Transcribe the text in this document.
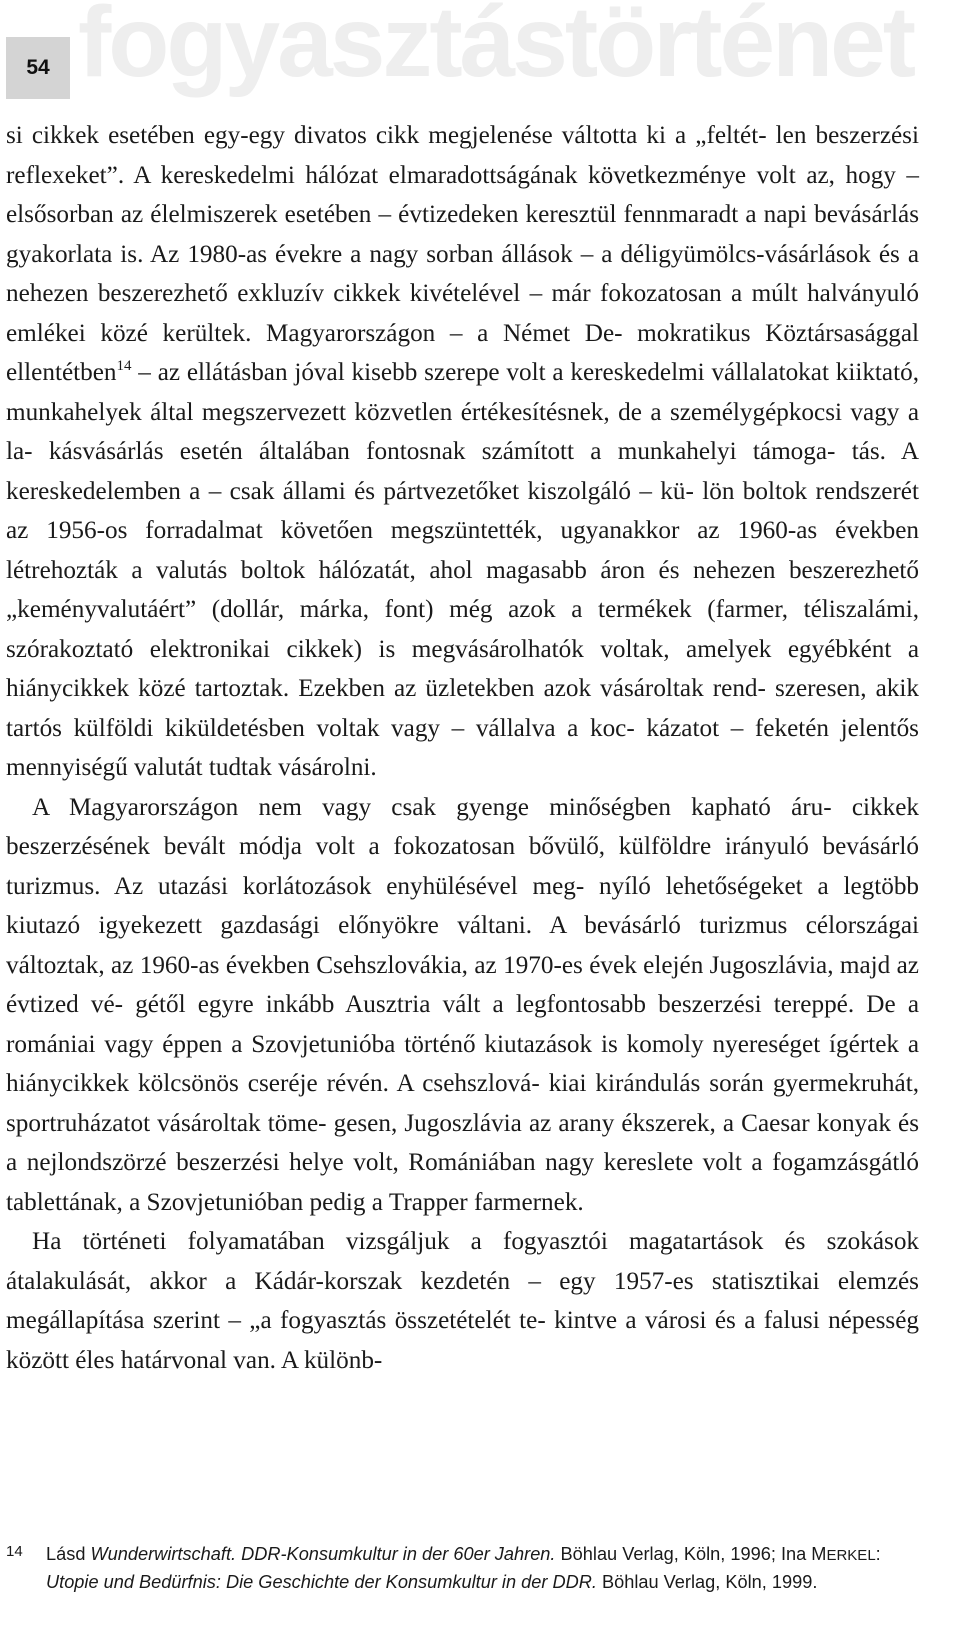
fogyasztástörténet
54

si cikkek esetében egy-egy divatos cikk megjelenése váltotta ki a „feltét- len beszerzési reflexeket”. A kereskedelmi hálózat elmaradottságának következménye volt az, hogy – elsősorban az élelmiszerek esetében – évtizedeken keresztül fennmaradt a napi bevásárlás gyakorlata is. Az 1980-as évekre a nagy sorban állások – a déligyümölcs-vásárlások és a nehezen beszerezhető exkluzív cikkek kivételével – már fokozatosan a múlt halványuló emlékei közé kerültek. Magyarországon – a Német De- mokratikus Köztársasággal ellentétben$^{14}$ – az ellátásban jóval kisebb szerepe volt a kereskedelmi vállalatokat kiiktató, munkahelyek által megszervezett közvetlen értékesítésnek, de a személygépkocsi vagy a la- kásvásárlás esetén általában fontosnak számított a munkahelyi támoga- tás. A kereskedelemben a – csak állami és pártvezetőket kiszolgáló – kü- lön boltok rendszerét az 1956-os forradalmat követően megszüntették, ugyanakkor az 1960-as években létrehozták a valutás boltok hálózatát, ahol magasabb áron és nehezen beszerezhető „keményvalutáért” (dollár, márka, font) még azok a termékek (farmer, téliszalámi, szórakoztató elektronikai cikkek) is megvásárolhatók voltak, amelyek egyébként a hiánycikkek közé tartoztak. Ezekben az üzletekben azok vásároltak rend- szeresen, akik tartós külföldi kiküldetésben voltak vagy – vállalva a koc- kázatot – feketén jelentős mennyiségű valutát tudtak vásárolni.

A Magyarországon nem vagy csak gyenge minőségben kapható áru- cikkek beszerzésének bevált módja volt a fokozatosan bővülő, külföldre irányuló bevásárló turizmus. Az utazási korlátozások enyhülésével meg- nyíló lehetőségeket a legtöbb kiutazó igyekezett gazdasági előnyökre váltani. A bevásárló turizmus célországai változtak, az 1960-as években Csehszlovákia, az 1970-es évek elején Jugoszlávia, majd az évtized vé- gétől egyre inkább Ausztria vált a legfontosabb beszerzési tereppé. De a romániai vagy éppen a Szovjetunióba történő kiutazások is komoly nyereséget ígértek a hiánycikkek kölcsönös cseréje révén. A csehszlová- kiai kirándulás során gyermekruhát, sportruházatot vásároltak töme- gesen, Jugoszlávia az arany ékszerek, a Caesar konyak és a nejlondszörzé beszerzési helye volt, Romániában nagy kereslete volt a fogamzásgátló tablettának, a Szovjetunióban pedig a Trapper farmernek.

Ha történeti folyamatában vizsgáljuk a fogyasztói magatartások és szokások átalakulását, akkor a Kádár-korszak kezdetén – egy 1957-es statisztikai elemzés megállapítása szerint – „a fogyasztás összetételét te- kintve a városi és a falusi népesség között éles határvonal van. A különb-

14 Lásd Wunderwirtschaft. DDR-Konsumkultur in der 60er Jahren. Böhlau Verlag, Köln, 1996; Ina MERKEL:
Utopie und Bedürfnis: Die Geschichte der Konsumkultur in der DDR. Böhlau Verlag, Köln, 1999.
